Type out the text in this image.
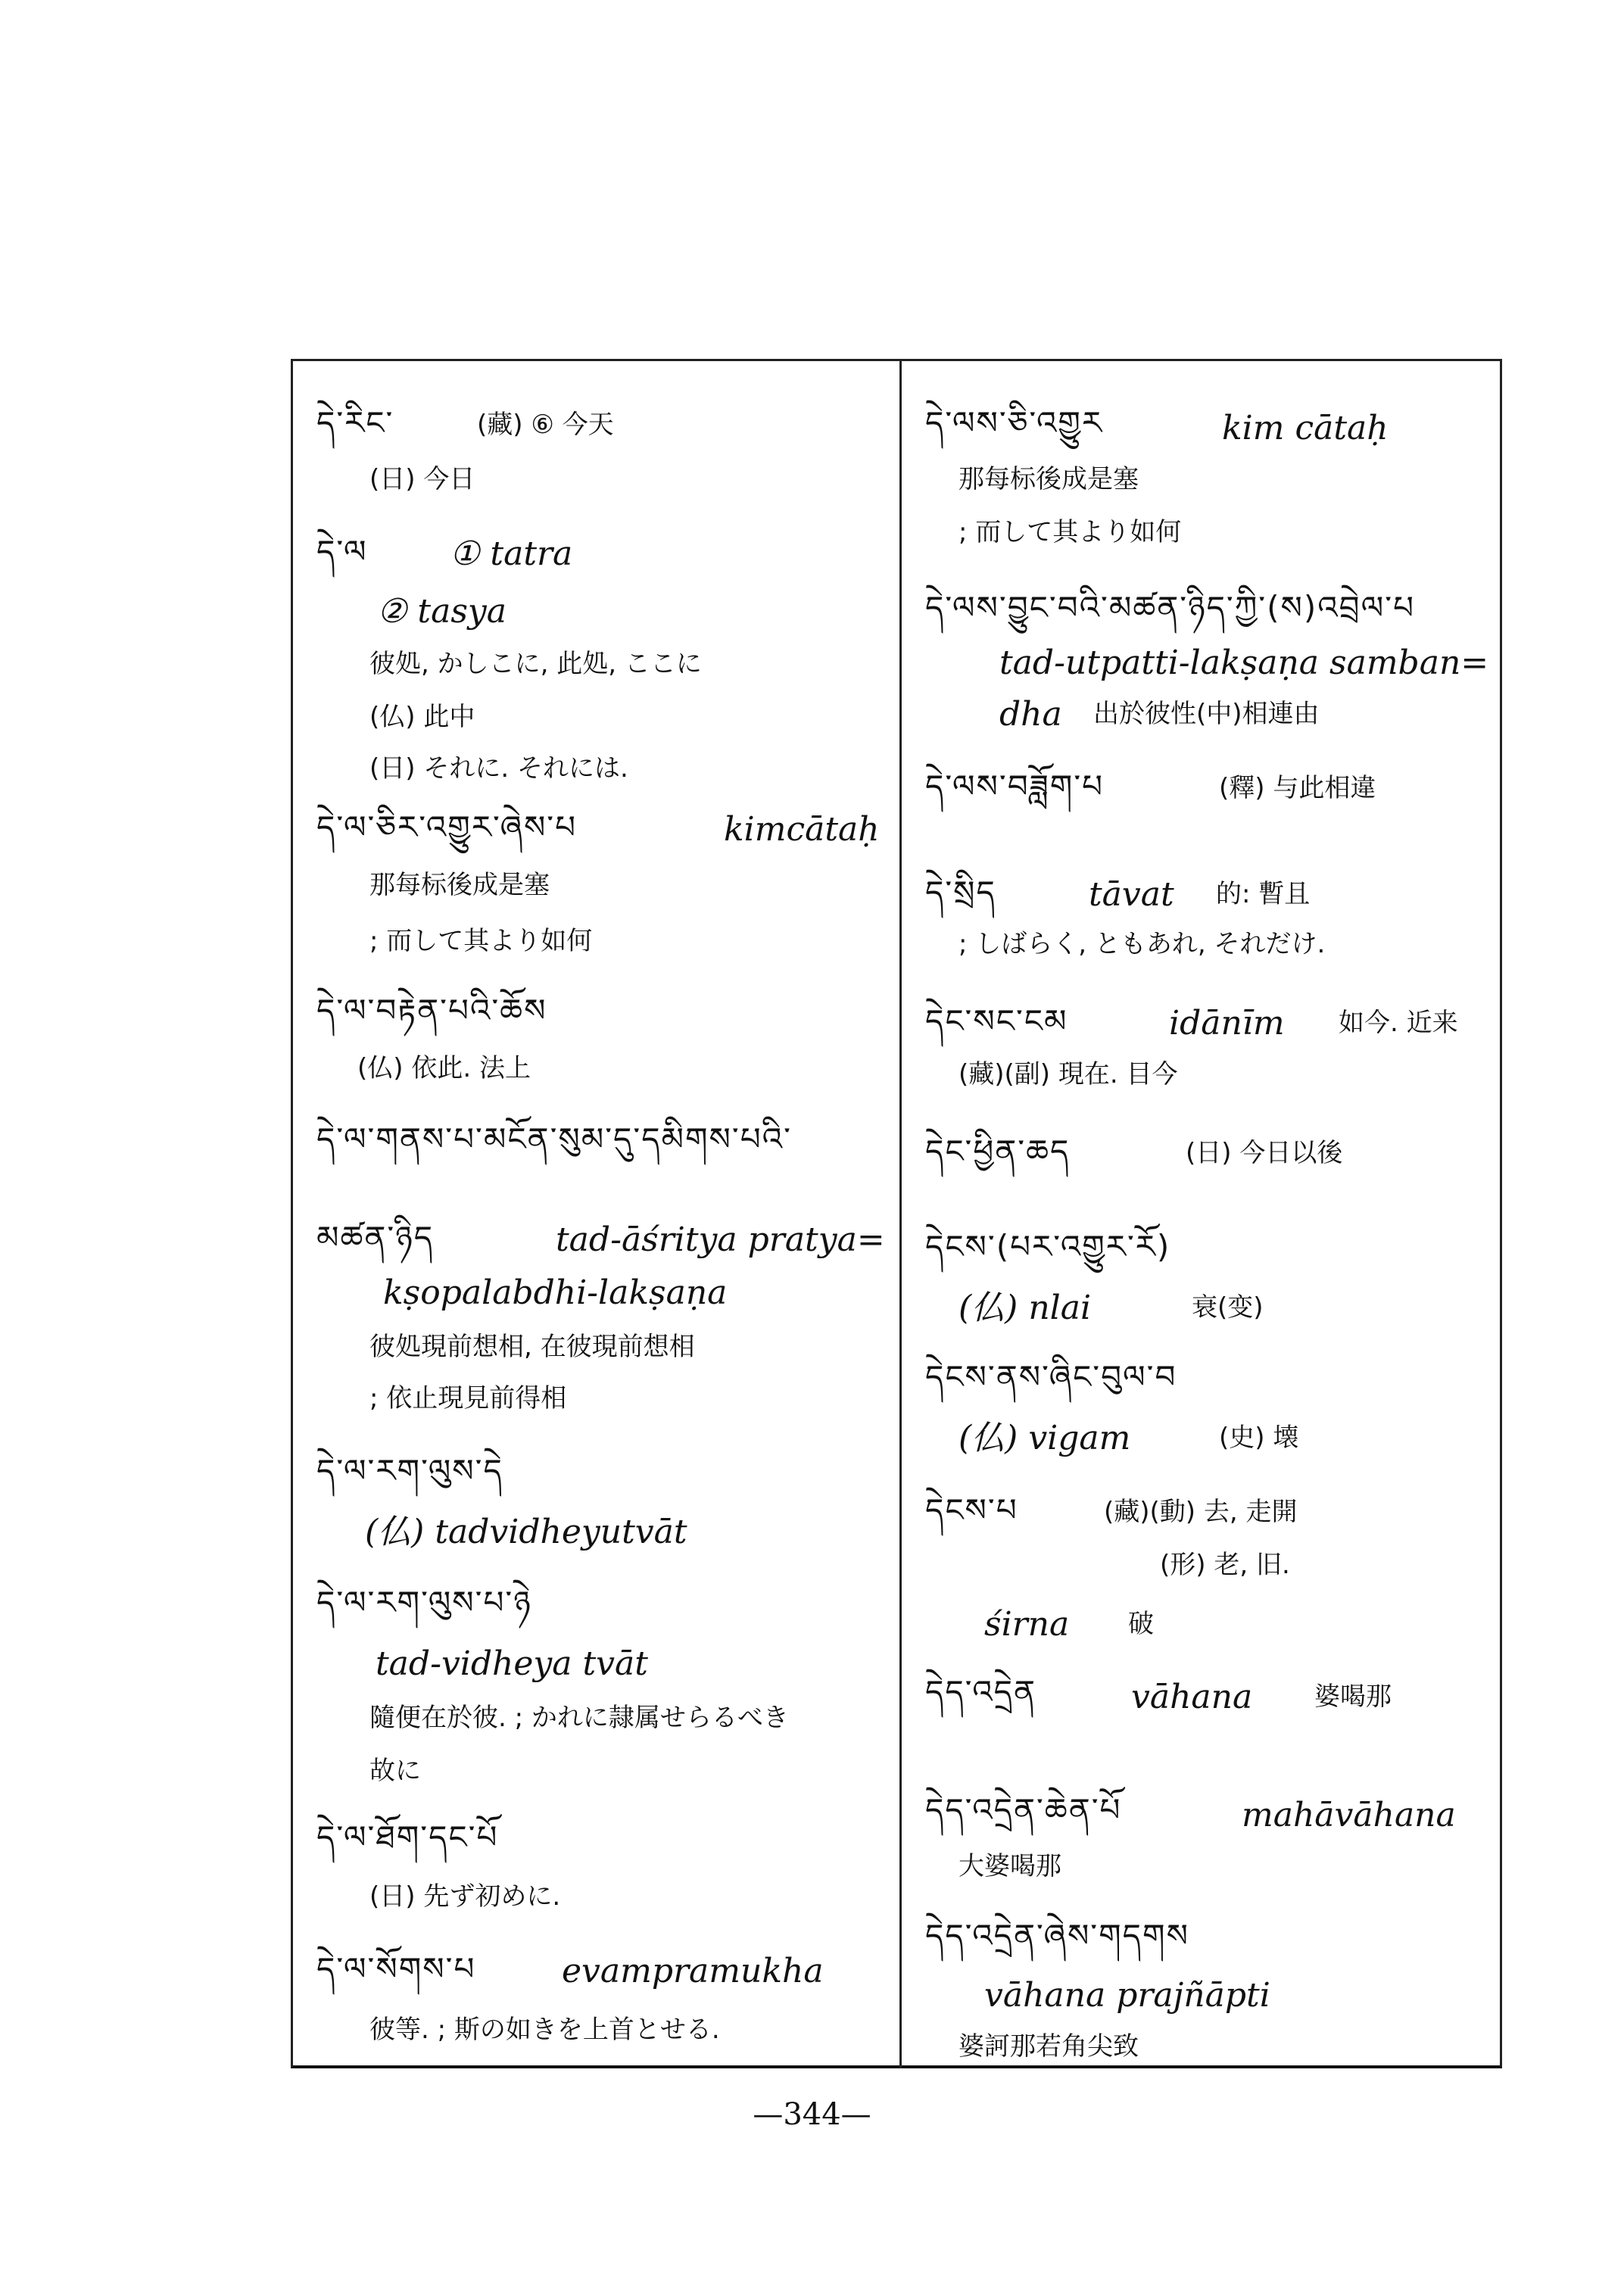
དེ་རིང་	(藏) ⑥ 今天
(日) 今日
དེ་ལ ① tatra
② tasya
彼処, かしこに, 此処, ここに
(仏) 此中
(日) それに. それには.
དེ་ལ་ཅིར་འགྱུར་ཞེས་པ	kimcātaḥ
那每标後成是塞
; 而して其より如何
དེ་ལ་བརྟེན་པའི་ཆོས
(仏) 依此. 法上
དེ་ལ་གནས་པ་མངོན་སུམ་དུ་དམིགས་པའི་
མཚན་ཉིད	tad-āśritya pratya=
kṣopalabdhi-lakṣaṇa
彼処現前想相, 在彼現前想相
; 依止現見前得相
དེ་ལ་རག་ལུས་དེ
(仏) tadvidheyutvāt
དེ་ལ་རག་ལུས་པ་ཉེ
tad-vidheya tvāt
隨便在於彼. ; かれに隷属せらるべき
故に
དེ་ལ་ཐོག་དང་པོ
(日) 先ず初めに.
དེ་ལ་སོགས་པ	evampramukha
彼等. ; 斯の如きを上首とせる.
དེ་ལས་ཅི་འགྱུར	kim cātaḥ
那每标後成是塞
; 而して其より如何
དེ་ལས་བྱུང་བའི་མཚན་ཉིད་ཀྱི་(ས)འབྲེལ་པ
tad-utpatti-lakṣaṇa samban=
dha 出於彼性(中)相連由
དེ་ལས་བཟློག་པ	(釋) 与此相違
དེ་སྲིད	tāvat 的: 暫且
; しばらく, ともあれ, それだけ.
དེང་སང་ངམ	idānīm 如今. 近来
(藏)(副) 現在. 目今
དེང་ཕྱིན་ཆད	(日) 今日以後
དེངས་(པར་འགྱུར་རོ)
(仏) nlai	衰(变)
དེངས་ནས་ཞིང་བུལ་བ
(仏) vigam	(史) 壊
དེངས་པ	(藏)(動) 去, 走開
(形) 老, 旧.
śirna 破
དེད་འདྲེན	vāhana 婆喝那
དེད་འདྲེན་ཆེན་པོ	mahāvāhana
大婆喝那
དེད་འདྲེན་ཞེས་གདགས
vāhana prajñāpti
婆訶那若角尖致
—344—
